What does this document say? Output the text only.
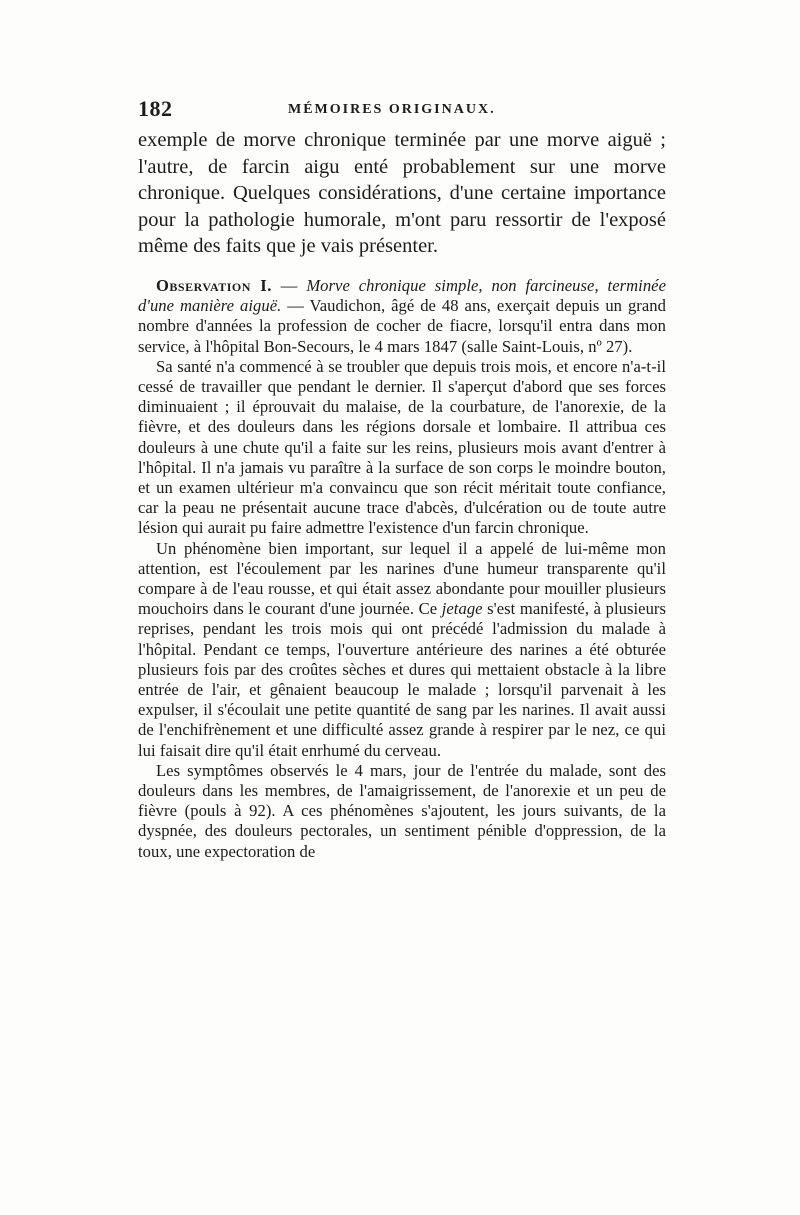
182	MÉMOIRES ORIGINAUX.

exemple de morve chronique terminée par une morve aiguë ; l'autre, de farcin aigu enté probablement sur une morve chronique. Quelques considérations, d'une certaine importance pour la pathologie humorale, m'ont paru ressortir de l'exposé même des faits que je vais présenter.

Observation I. — Morve chronique simple, non farcineuse, terminée d'une manière aiguë. — Vaudichon, âgé de 48 ans, exerçait depuis un grand nombre d'années la profession de cocher de fiacre, lorsqu'il entra dans mon service, à l'hôpital Bon-Secours, le 4 mars 1847 (salle Saint-Louis, nº 27).

Sa santé n'a commencé à se troubler que depuis trois mois, et encore n'a-t-il cessé de travailler que pendant le dernier. Il s'aperçut d'abord que ses forces diminuaient ; il éprouvait du malaise, de la courbature, de l'anorexie, de la fièvre, et des douleurs dans les régions dorsale et lombaire. Il attribua ces douleurs à une chute qu'il a faite sur les reins, plusieurs mois avant d'entrer à l'hôpital. Il n'a jamais vu paraître à la surface de son corps le moindre bouton, et un examen ultérieur m'a convaincu que son récit méritait toute confiance, car la peau ne présentait aucune trace d'abcès, d'ulcération ou de toute autre lésion qui aurait pu faire admettre l'existence d'un farcin chronique.

Un phénomène bien important, sur lequel il a appelé de lui-même mon attention, est l'écoulement par les narines d'une humeur transparente qu'il compare à de l'eau rousse, et qui était assez abondante pour mouiller plusieurs mouchoirs dans le courant d'une journée. Ce jetage s'est manifesté, à plusieurs reprises, pendant les trois mois qui ont précédé l'admission du malade à l'hôpital. Pendant ce temps, l'ouverture antérieure des narines a été obturée plusieurs fois par des croûtes sèches et dures qui mettaient obstacle à la libre entrée de l'air, et gênaient beaucoup le malade ; lorsqu'il parvenait à les expulser, il s'écoulait une petite quantité de sang par les narines. Il avait aussi de l'enchifrènement et une difficulté assez grande à respirer par le nez, ce qui lui faisait dire qu'il était enrhumé du cerveau.

Les symptômes observés le 4 mars, jour de l'entrée du malade, sont des douleurs dans les membres, de l'amaigrissement, de l'anorexie et un peu de fièvre (pouls à 92). A ces phénomènes s'ajoutent, les jours suivants, de la dyspnée, des douleurs pectorales, un sentiment pénible d'oppression, de la toux, une expectoration de
